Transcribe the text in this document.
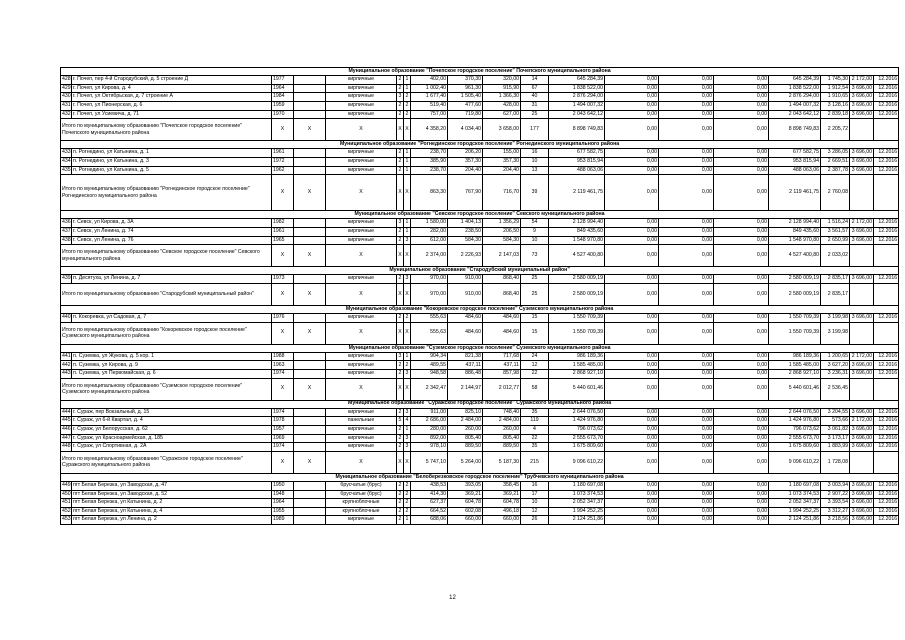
Муниципальное образование "Почепское городское поселение" Почепского муниципального района																		
428	г. Почеп, пер 4-й Стародубский, д. 5 строение Д	1977		кирпичные	2	1	402,00	370,30	320,00	14	645 284,39	0,00	0,00	0,00	645 284,39	1 745,30	2 172,00	12.2016
429	г. Почеп, ул Кирова, д. 4	1964		кирпичные	2	1	1 002,40	961,30	915,90	67	1 838 522,00	0,00	0,00	0,00	1 838 522,00	1 912,54	3 696,00	12.2016
430	г. Почеп, ул Октябрьская, д. 7 строение А	1984		кирпичные	3	2	1 677,40	1 505,40	1 366,30	40	2 876 294,00	0,00	0,00	0,00	2 876 294,00	1 910,65	3 696,00	12.2016
431	г. Почеп, ул Пионерская, д. 6	1959		кирпичные	2	2	519,40	477,60	428,00	31	1 494 007,32	0,00	0,00	0,00	1 494 007,32	3 128,16	3 696,00	12.2016
432	г. Почеп, ул Усиевича, д. 71	1970		кирпичные	2	2	757,00	719,80	627,00	25	2 043 642,12	0,00	0,00	0,00	2 043 642,12	2 839,18	3 696,00	12.2016
Итого по муниципальному образованию "Почепское городское поселение" Почепского муниципального района		X	X	X	X	X	4 358,20	4 034,40	3 658,00	177	8 898 749,83	0,00	0,00	0,00	8 898 749,83	2 205,72		
Муниципальное образование "Рогнединское городское поселение" Рогнединского муниципального района																		
433	п. Рогнедино, ул Катынина, д. 1	1961		кирпичные	2	1	238,70	206,20	155,00	16	677 582,75	0,00	0,00	0,00	677 582,75	3 286,05	3 696,00	12.2016
434	п. Рогнедино, ул Катынина, д. 3	1972		кирпичные	2	1	385,90	357,30	357,30	10	953 815,94	0,00	0,00	0,00	953 815,94	2 669,51	3 696,00	12.2016
435	п. Рогнедино, ул Катынина, д. 5	1962		кирпичные	2	1	238,70	204,40	204,40	13	488 063,06	0,00	0,00	0,00	488 063,06	2 387,78	3 696,00	12.2016
Итого по муниципальному образованию "Рогнединское городское поселение" Рогнединского муниципального района		X	X	X	X	X	863,30	767,90	716,70	39	2 119 461,75	0,00	0,00	0,00	2 119 461,75	2 760,08		
Муниципальное образование "Севское городское поселение" Севского муниципального района																		
436	г. Севск, ул Кирова, д. 3А	1982		кирпичные	3	1	1 580,00	1 404,13	1 356,29	54	2 128 994,40	0,00	0,00	0,00	2 128 994,40	1 516,24	2 172,00	12.2016
437	г. Севск, ул Ленина, д. 74	1961		кирпичные	2	1	282,00	238,50	206,50	9	849 435,60	0,00	0,00	0,00	849 435,60	3 561,57	3 696,00	12.2016
438	г. Севск, ул Ленина, д. 76	1965		кирпичные	2	3	612,00	584,30	584,30	10	1 548 970,80	0,00	0,00	0,00	1 548 970,80	2 650,99	3 696,00	12.2016
Итого по муниципальному образованию "Севское городское поселение" Севского муниципального района		X	X	X	X	X	2 374,00	2 226,93	2 147,03	73	4 527 400,80	0,00	0,00	0,00	4 527 400,80	2 033,02		
Муниципальное образование "Стародубский муниципальный район"																		
439	п. Десятуха, ул Ленина, д. 7	1973		кирпичные	2	3	970,00	910,00	868,40	25	2 580 009,19	0,00	0,00	0,00	2 580 009,19	2 835,17	3 696,00	12.2016
Итого по муниципальному образованию "Стародубский муниципальный район"		X	X	X	X	X	970,00	910,00	868,40	25	2 580 009,19	0,00	0,00	0,00	2 580 009,19	2 835,17		
Муниципальное образование "Кокоревское городское поселение" Суземского муниципального района																		
440	п. Кокоревка, ул Садовая, д. 7	1976		кирпичные	2	2	555,63	484,60	484,60	15	1 550 709,39	0,00	0,00	0,00	1 550 709,39	3 199,98	3 696,00	12.2016
Итого по муниципальному образованию "Кокоревское городское поселение" Суземского муниципального района		X	X	X	X	X	555,63	484,60	484,60	15	1 550 709,39	0,00	0,00	0,00	1 550 709,39	3 199,98		
Муниципальное образование "Суземское городское поселение" Суземского муниципального района																		
441	п. Суземка, ул Жукова, д. 5 кор. 1	1988		кирпичные	3	1	904,34	821,38	717,68	24	986 189,36	0,00	0,00	0,00	986 189,36	1 200,65	2 172,00	12.2016
442	п. Суземка, ул Кирова, д. 9	1963		кирпичные	2	2	489,55	437,11	437,11	12	1 585 485,00	0,00	0,00	0,00	1 585 485,00	3 627,20	3 696,00	12.2016
443	п. Суземка, ул Первомайская, д. 6	1974		кирпичные	2	3	948,58	886,48	857,98	22	2 868 927,10	0,00	0,00	0,00	2 868 927,10	3 236,31	3 696,00	12.2016
Итого по муниципальному образованию "Суземское городское поселение" Суземского муниципального района		X	X	X	X	X	2 342,47	2 144,97	2 012,77	58	5 440 601,46	0,00	0,00	0,00	5 440 601,46	2 536,45		
Муниципальное образование "Суражское городское поселение" Суражского муниципального района																		
444	г. Сураж, пер Вокзальный, д. 15	1974		кирпичные	2	3	911,00	825,10	748,40	35	2 644 076,50	0,00	0,00	0,00	2 644 076,50	3 204,55	3 696,00	12.2016
445	г. Сураж, ул 6-й Квартал, д. 4	1978		панельные	5	4	2 686,00	2 484,00	2 484,00	119	1 424 976,80	0,00	0,00	0,00	1 424 976,80	573,66	2 172,00	12.2016
446	г. Сураж, ул Белорусская, д. 62	1957		кирпичные	2	1	280,00	260,00	260,00	4	796 073,62	0,00	0,00	0,00	796 073,62	3 061,82	3 696,00	12.2016
447	г. Сураж, ул Красноармейская, д. 185	1969		кирпичные	2	3	892,00	805,40	805,40	22	2 555 673,70	0,00	0,00	0,00	2 555 673,70	3 173,17	3 696,00	12.2016
448	г. Сураж, ул Спортивная, д. 2А	1974		кирпичные	2	3	978,10	889,50	889,50	35	1 675 809,60	0,00	0,00	0,00	1 675 809,60	1 883,99	3 696,00	12.2016
Итого по муниципальному образованию "Суражское городское поселение" Суражского муниципального района		X	X	X	X	X	5 747,10	5 264,00	5 187,30	215	9 096 610,22	0,00	0,00	0,00	9 096 610,22	1 728,08		
Муниципальное образование "Белоберезковское городское поселение" Трубчевского муниципального района																		
449	пгт Белая Березка, ул Заводская, д. 47	1950		брусчатые (брус)	2	2	438,53	393,05	358,45	16	1 180 697,08	0,00	0,00	0,00	1 180 697,08	3 003,94	3 696,00	12.2016
450	пгт Белая Березка, ул Заводская, д. 52	1948		брусчатые (брус)	2	2	414,30	369,21	369,21	17	1 073 374,53	0,00	0,00	0,00	1 073 374,53	2 907,22	3 696,00	12.2016
451	пгт Белая Березка, ул Катынина, д. 2	1964		крупноблочные	2	2	627,37	604,78	604,78	10	2 052 347,37	0,00	0,00	0,00	2 052 347,37	3 393,54	3 696,00	12.2016
452	пгт Белая Березка, ул Катынина, д. 4	1955		крупноблочные	2	2	664,52	602,08	496,18	12	1 994 252,25	0,00	0,00	0,00	1 994 252,25	3 312,27	3 696,00	12.2016
453	пгт Белая Березка, ул Ленина, д. 2	1989		кирпичные	2	1	688,06	660,00	660,00	26	2 124 251,86	0,00	0,00	0,00	2 124 251,86	3 218,56	3 696,00	12.2016
12
